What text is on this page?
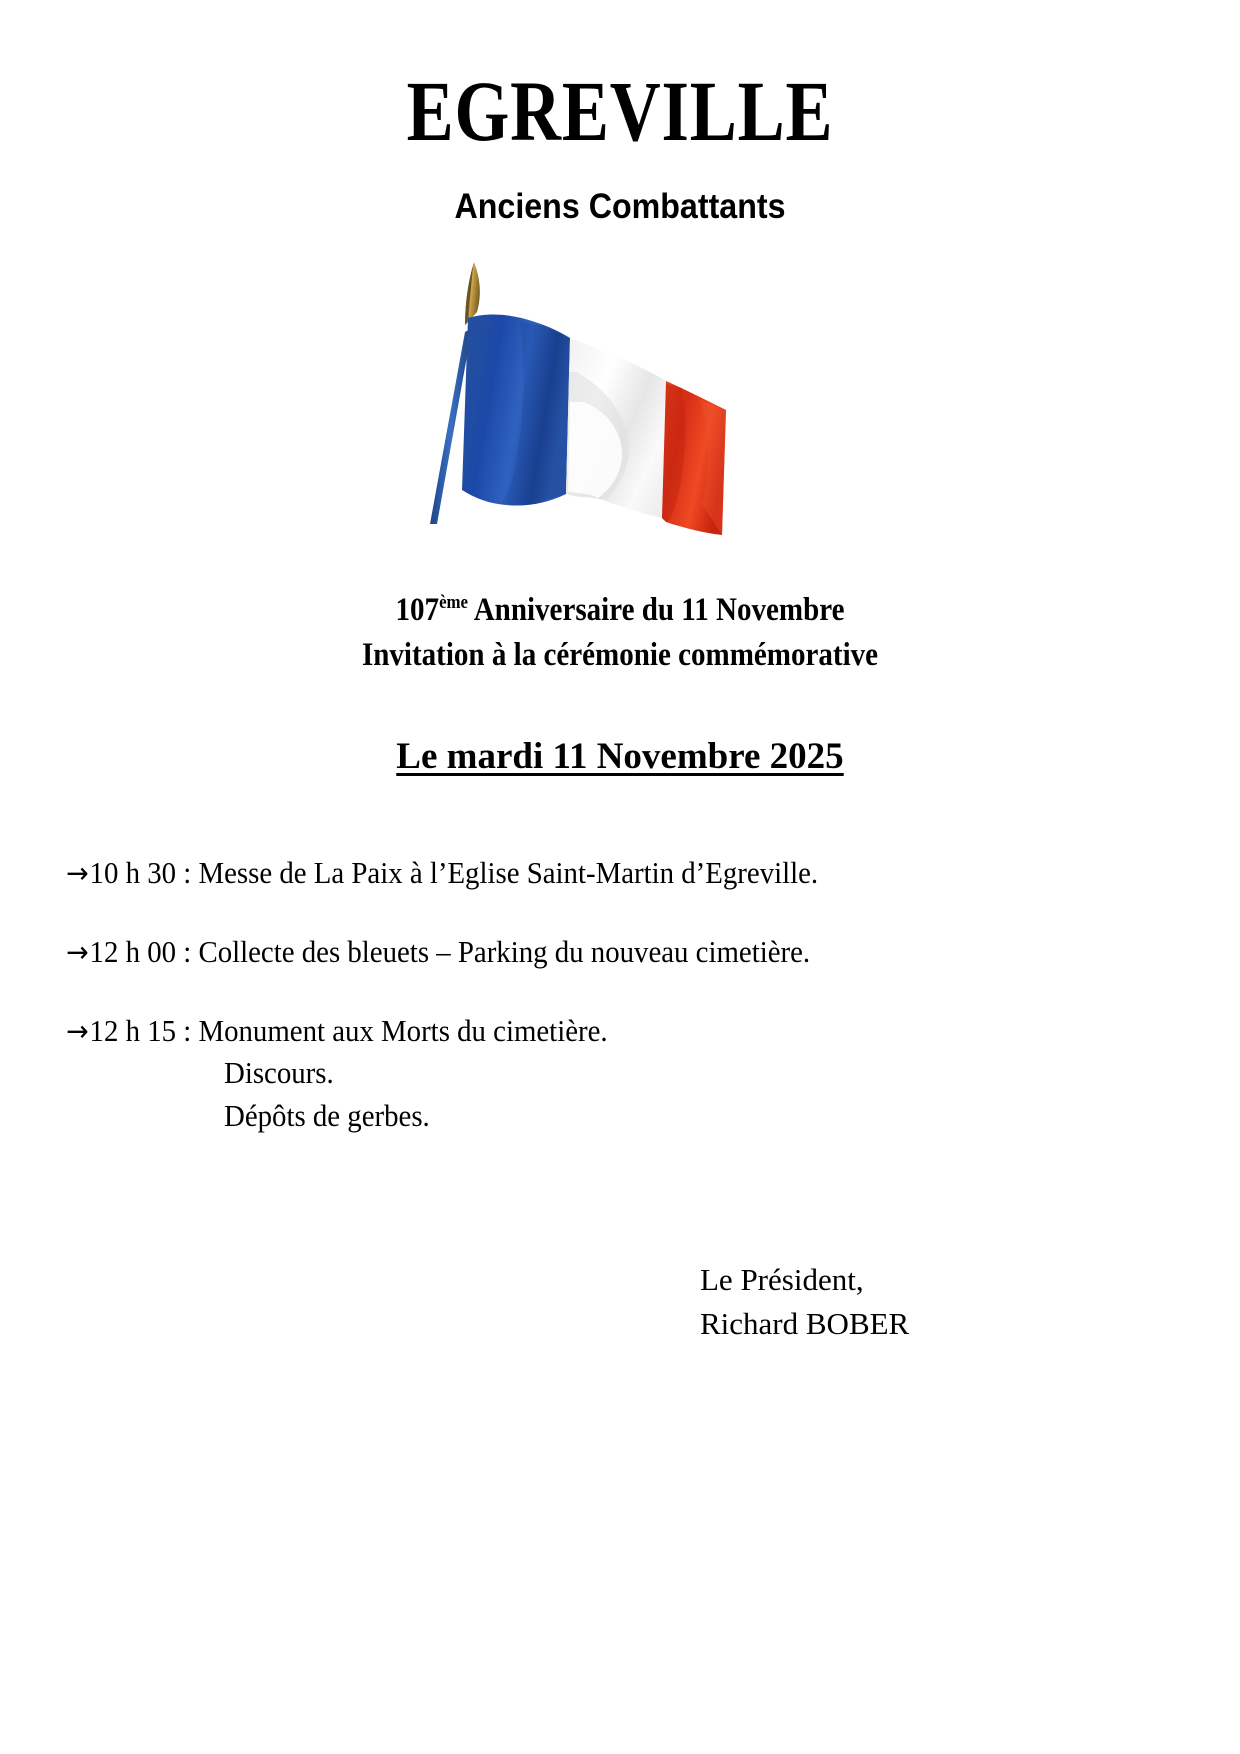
EGREVILLE
Anciens Combattants
107ème Anniversaire du 11 Novembre
Invitation à la cérémonie commémorative
Le mardi 11 Novembre 2025
→10 h 30 : Messe de La Paix à l’Eglise Saint-Martin d’Egreville.
→12 h 00 : Collecte des bleuets – Parking du nouveau cimetière.
→12 h 15 : Monument aux Morts du cimetière.
Discours.
Dépôts de gerbes.
Le Président,
Richard BOBER
